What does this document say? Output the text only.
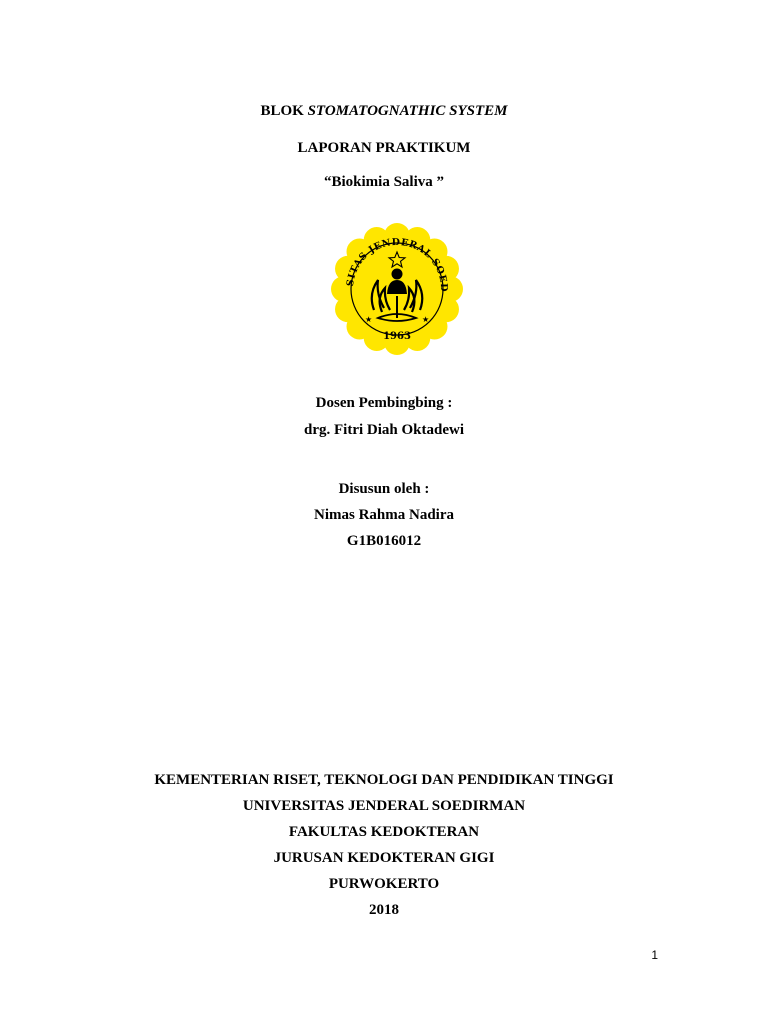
BLOK STOMATOGNATHIC SYSTEM
LAPORAN PRAKTIKUM
“Biokimia Saliva ”
SITAS JENDERAL SOED
1963
★	★
Dosen Pembingbing :
drg. Fitri Diah Oktadewi
Disusun oleh :
Nimas Rahma Nadira
G1B016012
KEMENTERIAN RISET, TEKNOLOGI DAN PENDIDIKAN TINGGI
UNIVERSITAS JENDERAL SOEDIRMAN
FAKULTAS KEDOKTERAN
JURUSAN KEDOKTERAN GIGI
PURWOKERTO
2018
1
